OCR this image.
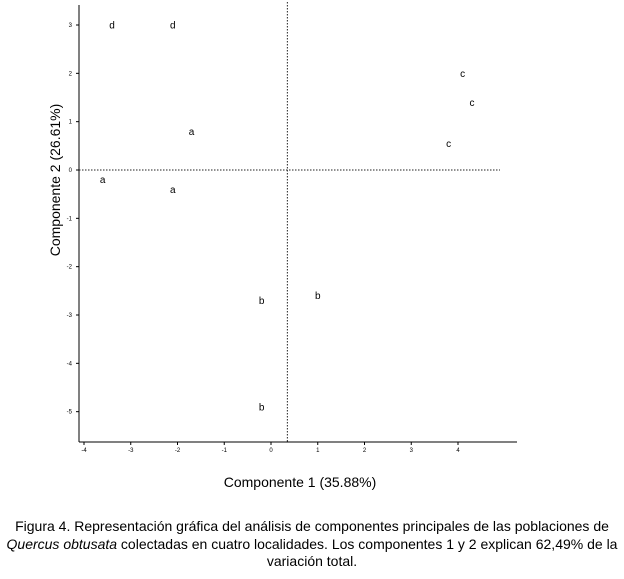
-4	-3	-2	-1	0	1	2	3	4
-5
-4
-3
-2
-1
0
1
2
3	d	d
a
a
a
b	b
b
c
c
c
Componente 1 (35.88%)
Componente 2 (26.61%)
Figura 4. Representación gráfica del análisis de componentes principales de las poblaciones de Quercus obtusata colectadas en cuatro localidades. Los componentes 1 y 2 explican 62,49% de la variación total.
